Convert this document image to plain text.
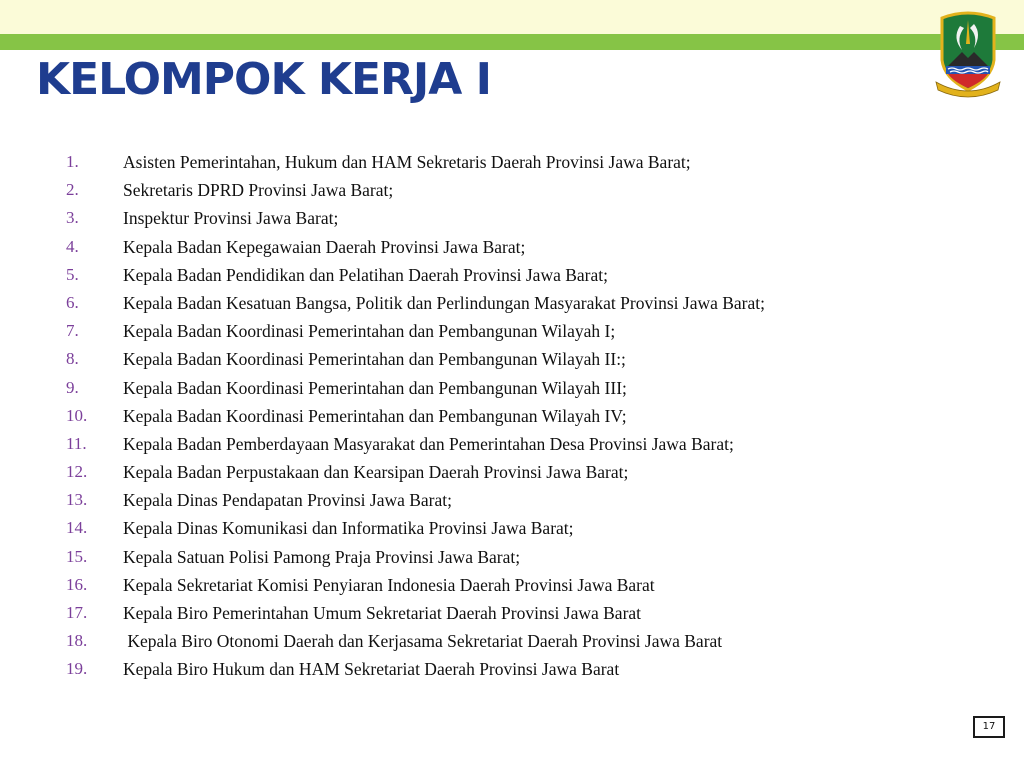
KELOMPOK KERJA I
1.	Asisten Pemerintahan, Hukum dan HAM Sekretaris Daerah Provinsi Jawa Barat;
2.	Sekretaris DPRD Provinsi Jawa Barat;
3.	Inspektur Provinsi Jawa Barat;
4.	Kepala Badan Kepegawaian Daerah Provinsi Jawa Barat;
5.	Kepala Badan Pendidikan dan Pelatihan Daerah Provinsi Jawa Barat;
6.	Kepala Badan Kesatuan Bangsa, Politik dan Perlindungan Masyarakat Provinsi Jawa Barat;
7.	Kepala Badan Koordinasi Pemerintahan dan Pembangunan Wilayah I;
8.	Kepala Badan Koordinasi Pemerintahan dan Pembangunan Wilayah II:;
9.	Kepala Badan Koordinasi Pemerintahan dan Pembangunan Wilayah III;
10. Kepala Badan Koordinasi Pemerintahan dan Pembangunan Wilayah IV;
11. Kepala Badan Pemberdayaan Masyarakat dan Pemerintahan Desa Provinsi Jawa Barat;
12. Kepala Badan Perpustakaan dan Kearsipan Daerah Provinsi Jawa Barat;
13. Kepala Dinas Pendapatan Provinsi Jawa Barat;
14. Kepala Dinas Komunikasi dan Informatika Provinsi Jawa Barat;
15. Kepala Satuan Polisi Pamong Praja Provinsi Jawa Barat;
16. Kepala Sekretariat Komisi Penyiaran Indonesia Daerah Provinsi Jawa Barat
17. Kepala Biro Pemerintahan Umum Sekretariat Daerah Provinsi Jawa Barat
18. Kepala Biro Otonomi Daerah dan Kerjasama Sekretariat Daerah Provinsi Jawa Barat
19. Kepala Biro Hukum dan HAM Sekretariat Daerah Provinsi Jawa Barat
17
